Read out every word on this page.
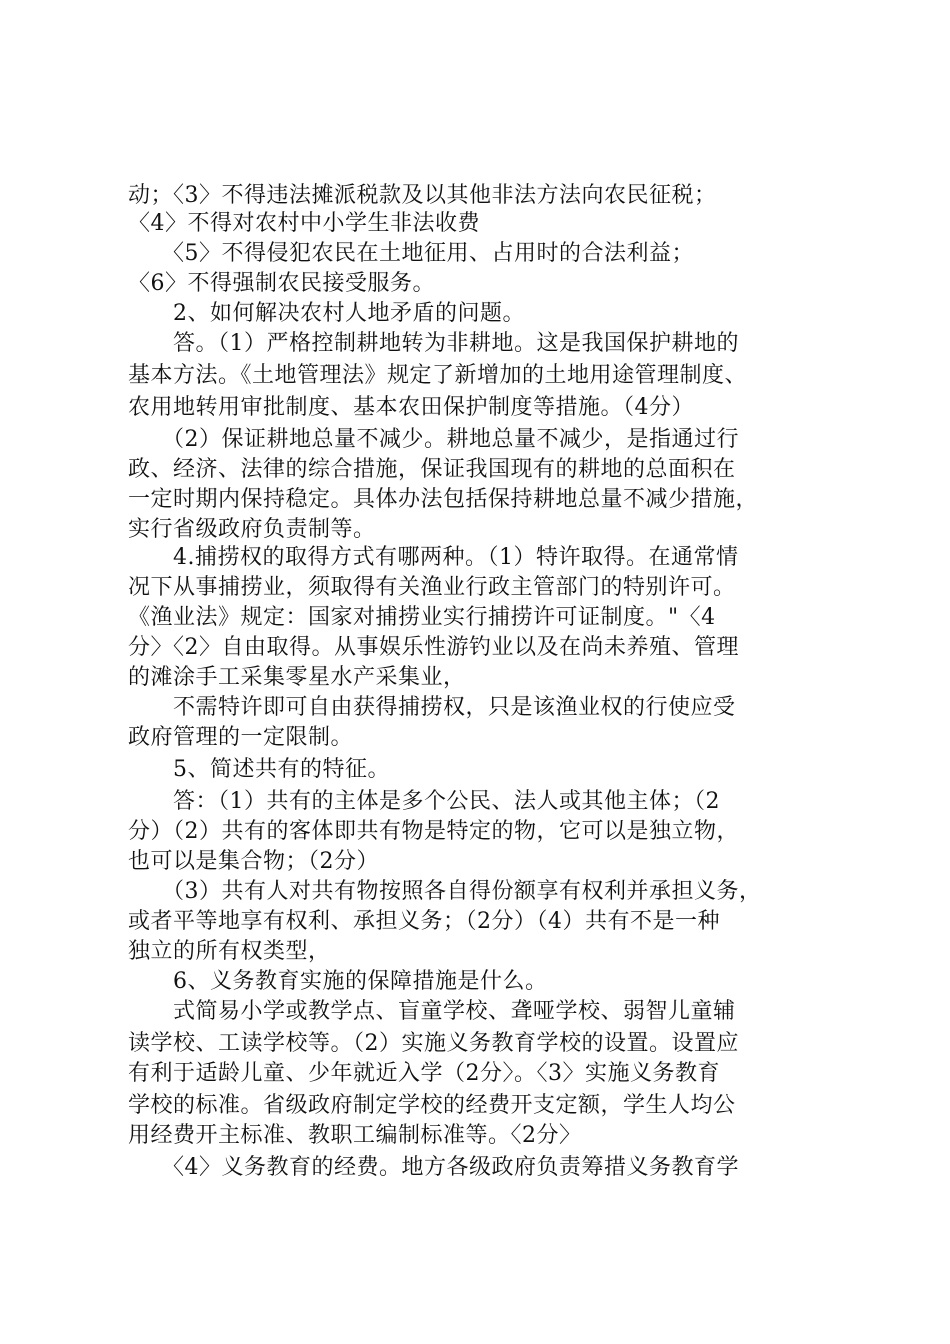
动；〈3〉不得违法摊派税款及以其他非法方法向农民征税；
〈4〉不得对农村中小学生非法收费
　　〈5〉不得侵犯农民在土地征用、占用时的合法利益；
〈6〉不得强制农民接受服务。
　　2、如何解决农村人地矛盾的问题。
　　答。（1）严格控制耕地转为非耕地。这是我国保护耕地的
基本方法。《土地管理法》规定了新增加的土地用途管理制度、
农用地转用审批制度、基本农田保护制度等措施。（4分）
　　（2）保证耕地总量不减少。耕地总量不减少，是指通过行
政、经济、法律的综合措施，保证我国现有的耕地的总面积在
一定时期内保持稳定。具体办法包括保持耕地总量不减少措施，
实行省级政府负责制等。
　　4.捕捞权的取得方式有哪两种。（1）特许取得。在通常情
况下从事捕捞业，须取得有关渔业行政主管部门的特别许可。
《渔业法》规定：国家对捕捞业实行捕捞许可证制度。"〈4
分〉〈2〉自由取得。从事娱乐性游钓业以及在尚未养殖、管理
的滩涂手工采集零星水产采集业，
　　不需特许即可自由获得捕捞权，只是该渔业权的行使应受
政府管理的一定限制。
　　5、简述共有的特征。
　　答：（1）共有的主体是多个公民、法人或其他主体；（2
分）（2）共有的客体即共有物是特定的物，它可以是独立物，
也可以是集合物；（2分）
　　（3）共有人对共有物按照各自得份额享有权利并承担义务，
或者平等地享有权利、承担义务；（2分）（4）共有不是一种
独立的所有权类型，
　　6、义务教育实施的保障措施是什么。
　　式简易小学或教学点、盲童学校、聋哑学校、弱智儿童辅
读学校、工读学校等。（2）实施义务教育学校的设置。设置应
有利于适龄儿童、少年就近入学（2分〉。〈3〉实施义务教育
学校的标准。省级政府制定学校的经费开支定额，学生人均公
用经费开主标准、教职工编制标准等。〈2分〉
　　〈4〉义务教育的经费。地方各级政府负责筹措义务教育学
